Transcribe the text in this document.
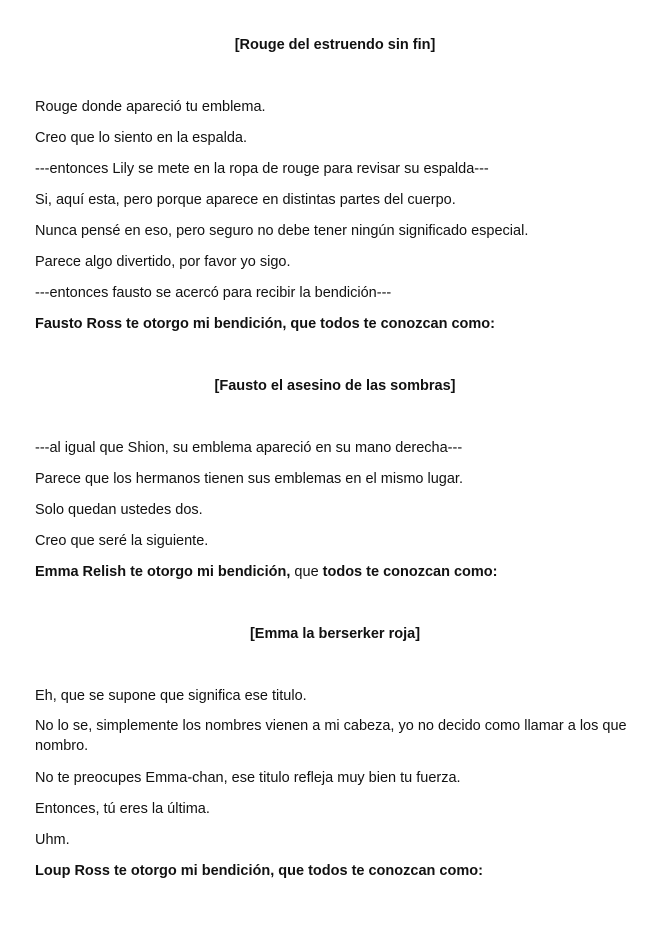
[Rouge del estruendo sin fin]

Rouge donde apareció tu emblema.

Creo que lo siento en la espalda.

---entonces Lily se mete en la ropa de rouge para revisar su espalda---

Si, aquí esta, pero porque aparece en distintas partes del cuerpo.

Nunca pensé en eso, pero seguro no debe tener ningún significado especial.

Parece algo divertido, por favor yo sigo.

---entonces fausto se acercó para recibir la bendición---

Fausto Ross te otorgo mi bendición, que todos te conozcan como:

[Fausto el asesino de las sombras]

---al igual que Shion, su emblema apareció en su mano derecha---

Parece que los hermanos tienen sus emblemas en el mismo lugar.

Solo quedan ustedes dos.

Creo que seré la siguiente.

Emma Relish te otorgo mi bendición, que todos te conozcan como:

[Emma la berserker roja]

Eh, que se supone que significa ese titulo.

No lo se, simplemente los nombres vienen a mi cabeza, yo no decido como llamar a los que nombro.

No te preocupes Emma-chan, ese titulo refleja muy bien tu fuerza.

Entonces, tú eres la última.

Uhm.

Loup Ross te otorgo mi bendición, que todos te conozcan como:
